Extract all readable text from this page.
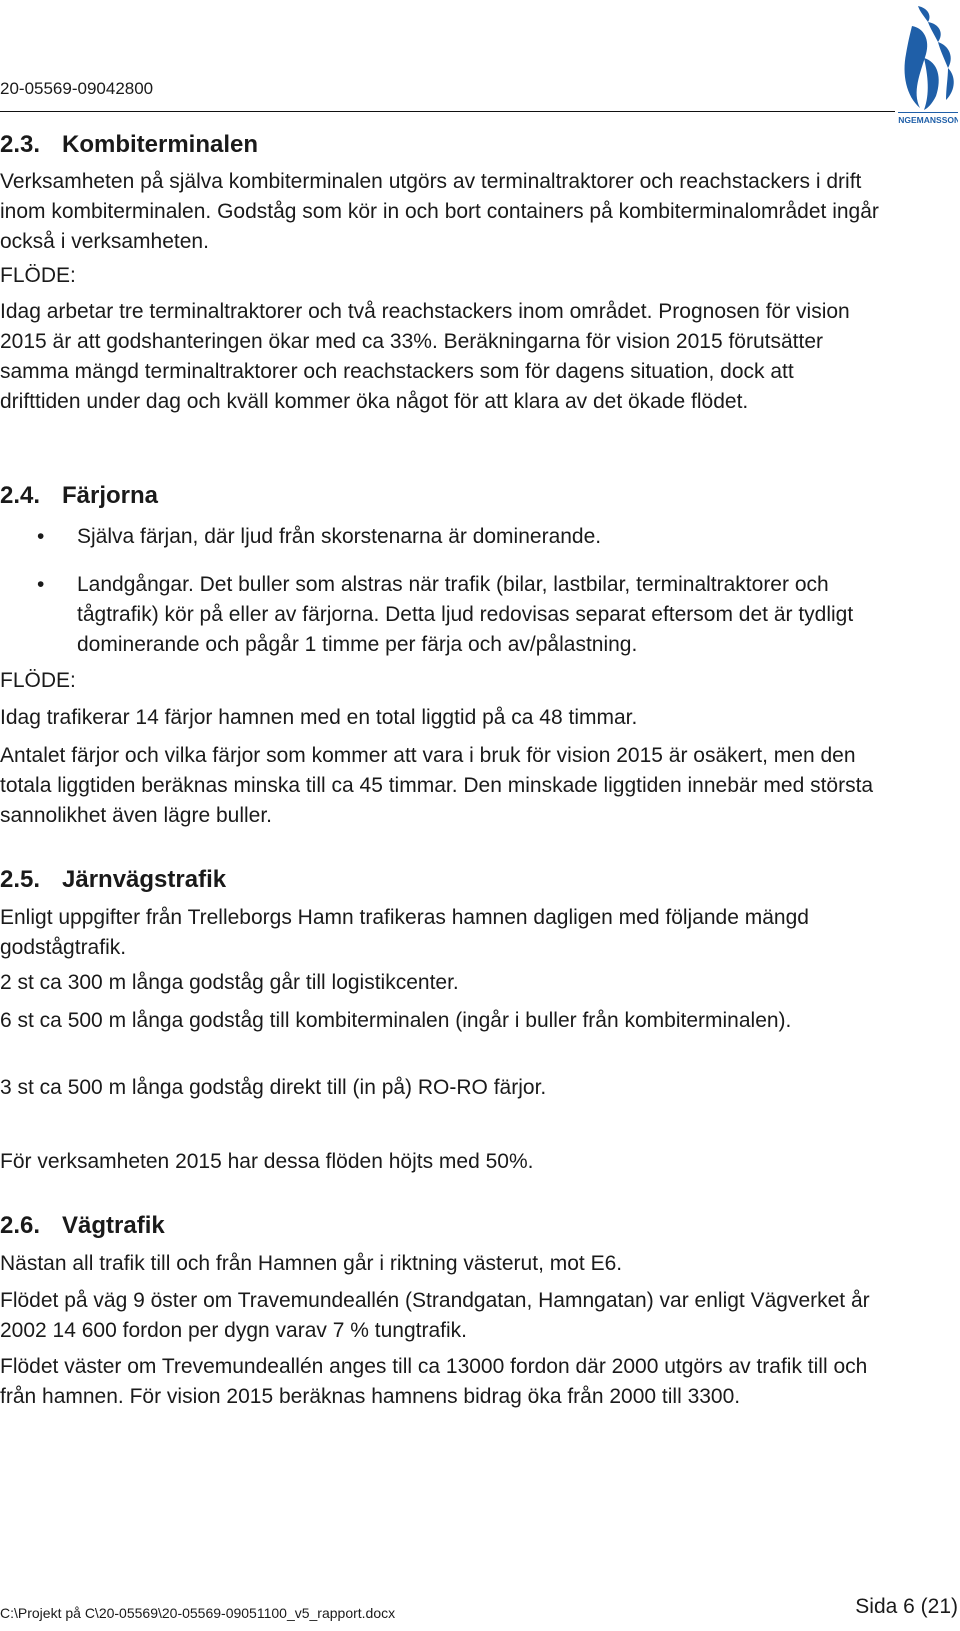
20-05569-09042800
INGEMANSSON
2.3. Kombiterminalen

Verksamheten på själva kombiterminalen utgörs av terminaltraktorer och reachstackers i drift inom kombiterminalen. Godståg som kör in och bort containers på kombiterminalområdet ingår också i verksamheten.

FLÖDE:

Idag arbetar tre terminaltraktorer och två reachstackers inom området. Prognosen för vision 2015 är att godshanteringen ökar med ca 33%. Beräkningarna för vision 2015 förutsätter samma mängd terminaltraktorer och reachstackers som för dagens situation, dock att drifttiden under dag och kväll kommer öka något för att klara av det ökade flödet.

2.4. Färjorna
• Själva färjan, där ljud från skorstenarna är dominerande.

• Landgångar. Det buller som alstras när trafik (bilar, lastbilar, terminaltraktorer och tågtrafik) kör på eller av färjorna. Detta ljud redovisas separat eftersom det är tydligt dominerande och pågår 1 timme per färja och av/pålastning.

FLÖDE:

Idag trafikerar 14 färjor hamnen med en total liggtid på ca 48 timmar.

Antalet färjor och vilka färjor som kommer att vara i bruk för vision 2015 är osäkert, men den totala liggtiden beräknas minska till ca 45 timmar. Den minskade liggtiden innebär med största sannolikhet även lägre buller.

2.5. Järnvägstrafik

Enligt uppgifter från Trelleborgs Hamn trafikeras hamnen dagligen med följande mängd godstågtrafik.

2 st ca 300 m långa godståg går till logistikcenter.

6 st ca 500 m långa godståg till kombiterminalen (ingår i buller från kombiterminalen).

3 st ca 500 m långa godståg direkt till (in på) RO-RO färjor.

För verksamheten 2015 har dessa flöden höjts med 50%.

2.6. Vägtrafik

Nästan all trafik till och från Hamnen går i riktning västerut, mot E6.

Flödet på väg 9 öster om Travemundeallén (Strandgatan, Hamngatan) var enligt Vägverket år 2002 14 600 fordon per dygn varav 7 % tungtrafik.

Flödet väster om Trevemundeallén anges till ca 13000 fordon där 2000 utgörs av trafik till och från hamnen. För vision 2015 beräknas hamnens bidrag öka från 2000 till 3300.

C:\Projekt på C\20-05569\20-05569-09051100_v5_rapport.docx	Sida 6 (21)
